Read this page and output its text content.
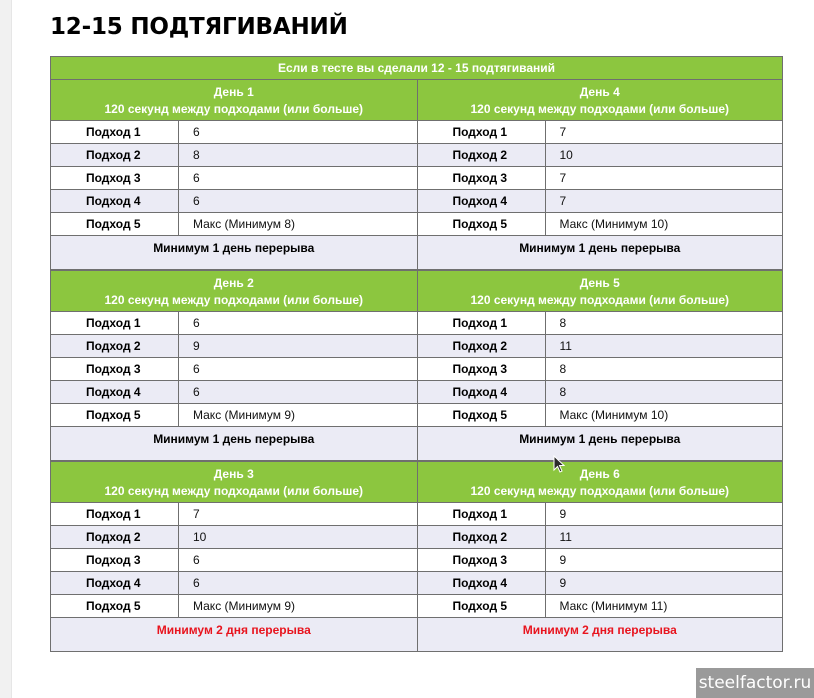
12-15 ПОДТЯГИВАНИЙ
Если в тесте вы сделали 12 - 15 подтягиваний
День 1
120 секунд между подходами (или больше)
Подход 1	6
Подход 2	8
Подход 3	6
Подход 4	6
Подход 5	Макс (Минимум 8)
Минимум 1 день перерыва
День 4
120 секунд между подходами (или больше)
Подход 1	7
Подход 2	10
Подход 3	7
Подход 4	7
Подход 5	Макс (Минимум 10)
Минимум 1 день перерыва
День 2
120 секунд между подходами (или больше)
Подход 1	6
Подход 2	9
Подход 3	6
Подход 4	6
Подход 5	Макс (Минимум 9)
Минимум 1 день перерыва
День 5
120 секунд между подходами (или больше)
Подход 1	8
Подход 2	11
Подход 3	8
Подход 4	8
Подход 5	Макс (Минимум 10)
Минимум 1 день перерыва
День 3
120 секунд между подходами (или больше)
Подход 1	7
Подход 2	10
Подход 3	6
Подход 4	6
Подход 5	Макс (Минимум 9)
Минимум 2 дня перерыва
День 6
120 секунд между подходами (или больше)
Подход 1	9
Подход 2	11
Подход 3	9
Подход 4	9
Подход 5	Макс (Минимум 11)
Минимум 2 дня перерыва
steelfactor.ru
